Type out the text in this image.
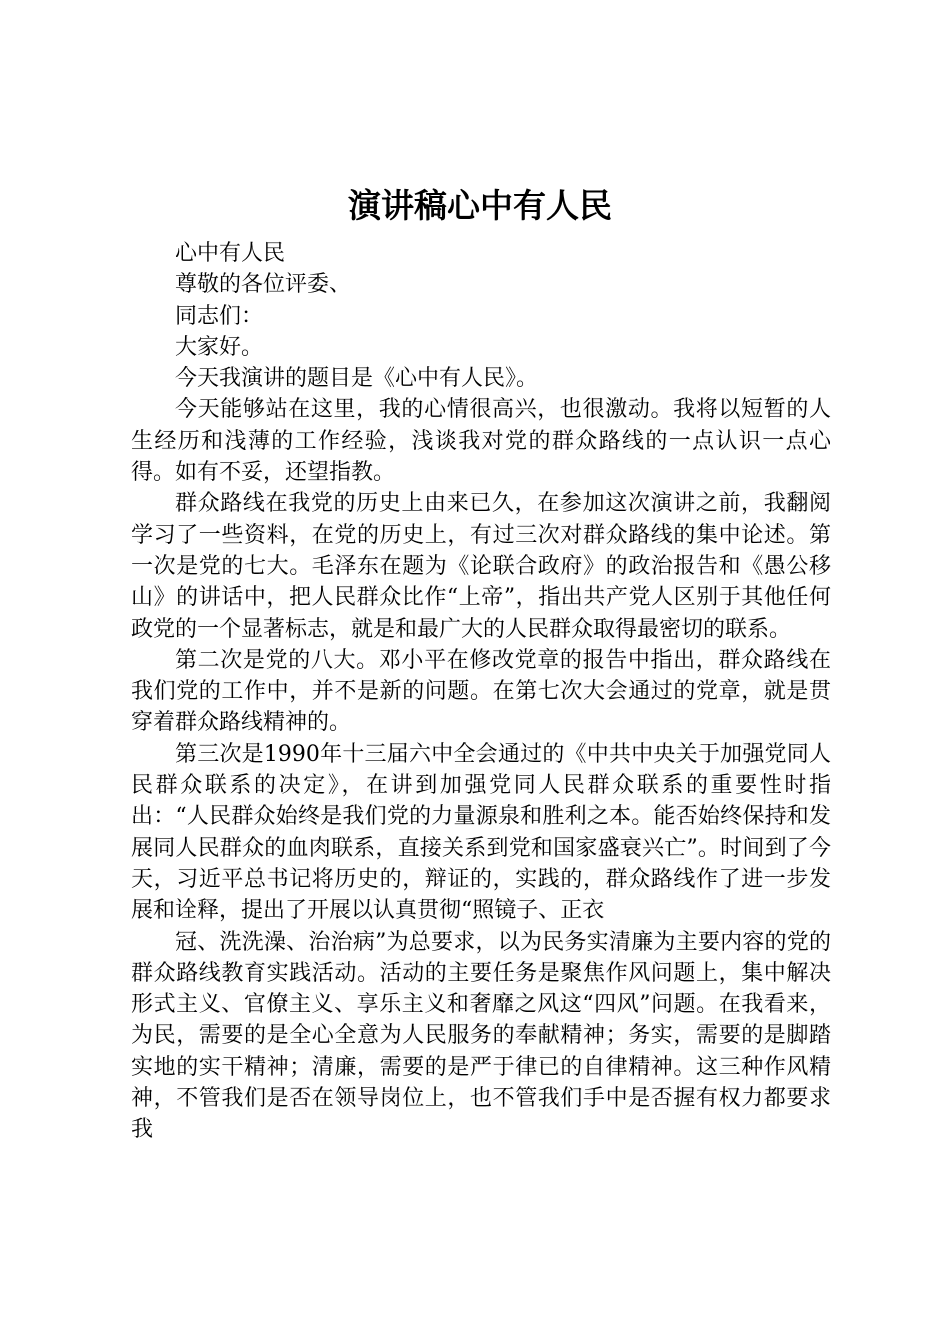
演讲稿心中有人民

心中有人民

尊敬的各位评委、

同志们：

大家好。

今天我演讲的题目是《心中有人民》。

今天能够站在这里，我的心情很高兴，也很激动。我将以短暂的人生经历和浅薄的工作经验，浅谈我对党的群众路线的一点认识一点心得。如有不妥，还望指教。

群众路线在我党的历史上由来已久，在参加这次演讲之前，我翻阅学习了一些资料，在党的历史上，有过三次对群众路线的集中论述。第一次是党的七大。毛泽东在题为《论联合政府》的政治报告和《愚公移山》的讲话中，把人民群众比作“上帝”，指出共产党人区别于其他任何政党的一个显著标志，就是和最广大的人民群众取得最密切的联系。

第二次是党的八大。邓小平在修改党章的报告中指出，群众路线在我们党的工作中，并不是新的问题。在第七次大会通过的党章，就是贯穿着群众路线精神的。

第三次是1990年十三届六中全会通过的《中共中央关于加强党同人民群众联系的决定》，在讲到加强党同人民群众联系的重要性时指出：“人民群众始终是我们党的力量源泉和胜利之本。能否始终保持和发展同人民群众的血肉联系，直接关系到党和国家盛衰兴亡”。时间到了今天，习近平总书记将历史的，辩证的，实践的，群众路线作了进一步发展和诠释，提出了开展以认真贯彻“照镜子、正衣

冠、洗洗澡、治治病”为总要求，以为民务实清廉为主要内容的党的群众路线教育实践活动。活动的主要任务是聚焦作风问题上，集中解决形式主义、官僚主义、享乐主义和奢靡之风这“四风”问题。在我看来，为民，需要的是全心全意为人民服务的奉献精神；务实，需要的是脚踏实地的实干精神；清廉，需要的是严于律已的自律精神。这三种作风精神，不管我们是否在领导岗位上，也不管我们手中是否握有权力都要求我
